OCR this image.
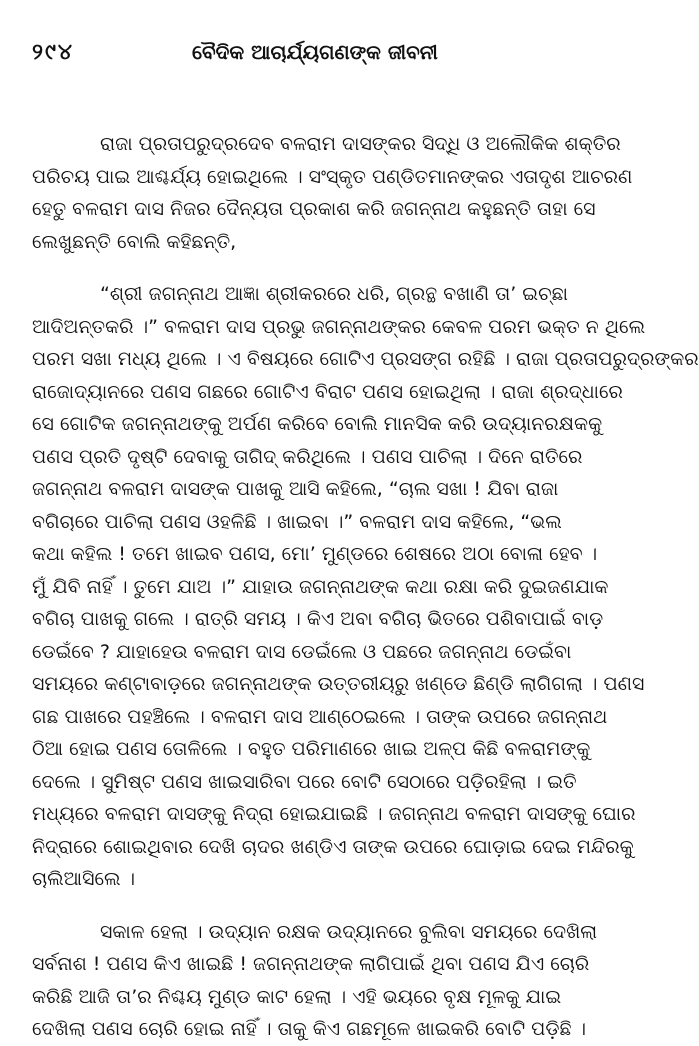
୨୯୪	ବୈଦିକ ଆଚାର୍ଯ୍ୟଗଣଙ୍କ ଜୀବନୀ
ରାଜା ପ୍ରତାପରୁଦ୍ରଦେବ ବଳରାମ ଦାସଙ୍କର ସିଦ୍ଧି ଓ ଅଲୌକିକ ଶକ୍ତିର
ପରିଚୟ ପାଇ ଆଶ୍ଚର୍ଯ୍ୟ ହୋଇଥିଲେ । ସଂସ୍କୃତ ପଣ୍ଡିତମାନଙ୍କର ଏତାଦୃଶ ଆଚରଣ
ହେତୁ ବଳରାମ ଦାସ ନିଜର ଦୈନ୍ୟତା ପ୍ରକାଶ କରି ଜଗନ୍ନାଥ କହୁଛନ୍ତି ତାହା ସେ
ଲେଖୁଛନ୍ତି ବୋଲି କହିଛନ୍ତି,
“ଶ୍ରୀ ଜଗନ୍ନାଥ ଆଜ୍ଞା ଶ୍ରୀକରରେ ଧରି, ଗ୍ରନ୍ଥ ବଖାଣି ତା’ ଇଚ୍ଛା
ଆଦିଅନ୍ତକରି ।” ବଳରାମ ଦାସ ପ୍ରଭୁ ଜଗନ୍ନାଥଙ୍କର କେବଳ ପରମ ଭକ୍ତ ନ ଥିଲେ
ପରମ ସଖା ମଧ୍ୟ ଥିଲେ । ଏ ବିଷୟରେ ଗୋଟିଏ ପ୍ରସଙ୍ଗ ରହିଛି । ରାଜା ପ୍ରତାପରୁଦ୍ରଙ୍କର
ରାଜୋଦ୍ୟାନରେ ପଣସ ଗଛରେ ଗୋଟିଏ ବିରାଟ ପଣସ ହୋଇଥିଲା । ରାଜା ଶ୍ରଦ୍ଧାରେ
ସେ ଗୋଟିକ ଜଗନ୍ନାଥଙ୍କୁ ଅର୍ପଣ କରିବେ ବୋଲି ମାନସିକ କରି ଉଦ୍ୟାନରକ୍ଷକକୁ
ପଣସ ପ୍ରତି ଦୃଷ୍ଟି ଦେବାକୁ ତାଗିଦ୍ କରିଥିଲେ । ପଣସ ପାଚିଲା । ଦିନେ ରାତିରେ
ଜଗନ୍ନାଥ ବଳରାମ ଦାସଙ୍କ ପାଖକୁ ଆସି କହିଲେ, “ଚାଲ ସଖା ! ଯିବା ରାଜା
ବଗିଚାରେ ପାଚିଲା ପଣସ ଓହଳିଛି । ଖାଇବା ।” ବଳରାମ ଦାସ କହିଲେ, “ଭଲ
କଥା କହିଲ ! ତମେ ଖାଇବ ପଣସ, ମୋ’ ମୁଣ୍ଡରେ ଶେଷରେ ଅଠା ବୋଳା ହେବ ।
ମୁଁ ଯିବି ନାହିଁ । ତୁମେ ଯାଅ ।” ଯାହାଉ ଜଗନ୍ନାଥଙ୍କ କଥା ରକ୍ଷା କରି ଦୁଇଜଣଯାକ
ବଗିଚା ପାଖକୁ ଗଲେ । ରାତ୍ରି ସମୟ । କିଏ ଅବା ବଗିଚା ଭିତରେ ପଶିବାପାଇଁ ବାଡ଼
ଡେଇଁବେ ? ଯାହାହେଉ ବଳରାମ ଦାସ ଡେଇଁଲେ ଓ ପଛରେ ଜଗନ୍ନାଥ ଡେଇଁବା
ସମୟରେ କଣ୍ଟାବାଡ଼ରେ ଜଗନ୍ନାଥଙ୍କ ଉତ୍ତରୀୟରୁ ଖଣ୍ଡେ ଛିଣ୍ଡି ଲାଗିଗଲା । ପଣସ
ଗଛ ପାଖରେ ପହଞ୍ଚିଲେ । ବଳରାମ ଦାସ ଆଣ୍ଠେଇଲେ । ତାଙ୍କ ଉପରେ ଜଗନ୍ନାଥ
ଠିଆ ହୋଇ ପଣସ ତୋଳିଲେ । ବହୁତ ପରିମାଣରେ ଖାଇ ଅଳ୍ପ କିଛି ବଳରାମଙ୍କୁ
ଦେଲେ । ସୁମିଷ୍ଟ ପଣସ ଖାଇସାରିବା ପରେ ବୋଟି ସେଠାରେ ପଡ଼ିରହିଲା । ଇତି
ମଧ୍ୟରେ ବଳରାମ ଦାସଙ୍କୁ ନିଦ୍ରା ହୋଇଯାଇଛି । ଜଗନ୍ନାଥ ବଳରାମ ଦାସଙ୍କୁ ଘୋର
ନିଦ୍ରାରେ ଶୋଇଥିବାର ଦେଖି ଚାଦର ଖଣ୍ଡିଏ ତାଙ୍କ ଉପରେ ଘୋଡ଼ାଇ ଦେଇ ମନ୍ଦିରକୁ
ଚାଲିଆସିଲେ ।
ସକାଳ ହେଲା । ଉଦ୍ୟାନ ରକ୍ଷକ ଉଦ୍ୟାନରେ ବୁଲିବା ସମୟରେ ଦେଖିଲା
ସର୍ବନାଶ ! ପଣସ କିଏ ଖାଇଛି ! ଜଗନ୍ନାଥଙ୍କ ଲାଗିପାଇଁ ଥିବା ପଣସ ଯିଏ ଚୋରି
କରିଛି ଆଜି ତା’ର ନିଶ୍ଚୟ ମୁଣ୍ଡ କାଟ ହେଲା । ଏହି ଭୟରେ ବୃକ୍ଷ ମୂଳକୁ ଯାଇ
ଦେଖିଲା ପଣସ ଚୋରି ହୋଇ ନାହିଁ । ତାକୁ କିଏ ଗଛମୂଳେ ଖାଇକରି ବୋଟି ପଡ଼ିଛି ।
